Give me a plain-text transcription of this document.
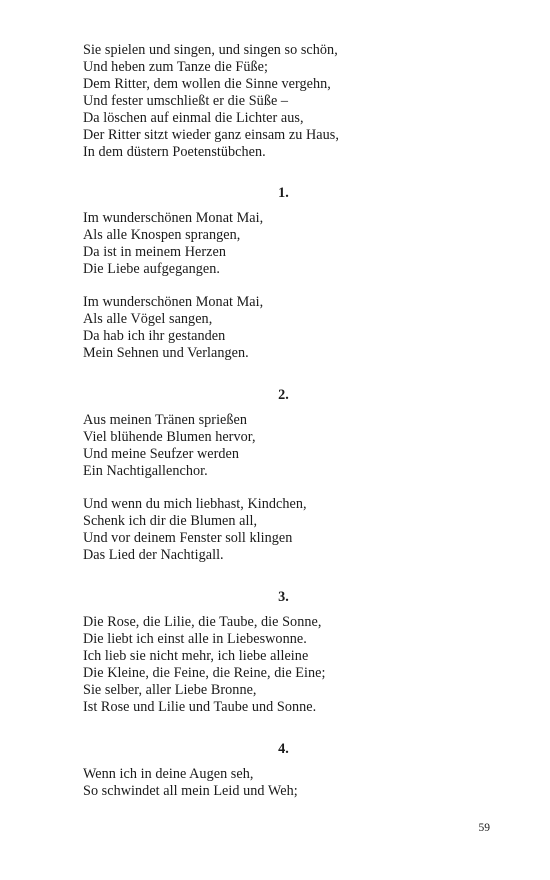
Sie spielen und singen, und singen so schön,
Und heben zum Tanze die Füße;
Dem Ritter, dem wollen die Sinne vergehn,
Und fester umschließt er die Süße –
Da löschen auf einmal die Lichter aus,
Der Ritter sitzt wieder ganz einsam zu Haus,
In dem düstern Poetenstübchen.
1.
Im wunderschönen Monat Mai,
Als alle Knospen sprangen,
Da ist in meinem Herzen
Die Liebe aufgegangen.
Im wunderschönen Monat Mai,
Als alle Vögel sangen,
Da hab ich ihr gestanden
Mein Sehnen und Verlangen.
2.
Aus meinen Tränen sprießen
Viel blühende Blumen hervor,
Und meine Seufzer werden
Ein Nachtigallenchor.
Und wenn du mich liebhast, Kindchen,
Schenk ich dir die Blumen all,
Und vor deinem Fenster soll klingen
Das Lied der Nachtigall.
3.
Die Rose, die Lilie, die Taube, die Sonne,
Die liebt ich einst alle in Liebeswonne.
Ich lieb sie nicht mehr, ich liebe alleine
Die Kleine, die Feine, die Reine, die Eine;
Sie selber, aller Liebe Bronne,
Ist Rose und Lilie und Taube und Sonne.
4.
Wenn ich in deine Augen seh,
So schwindet all mein Leid und Weh;
59
